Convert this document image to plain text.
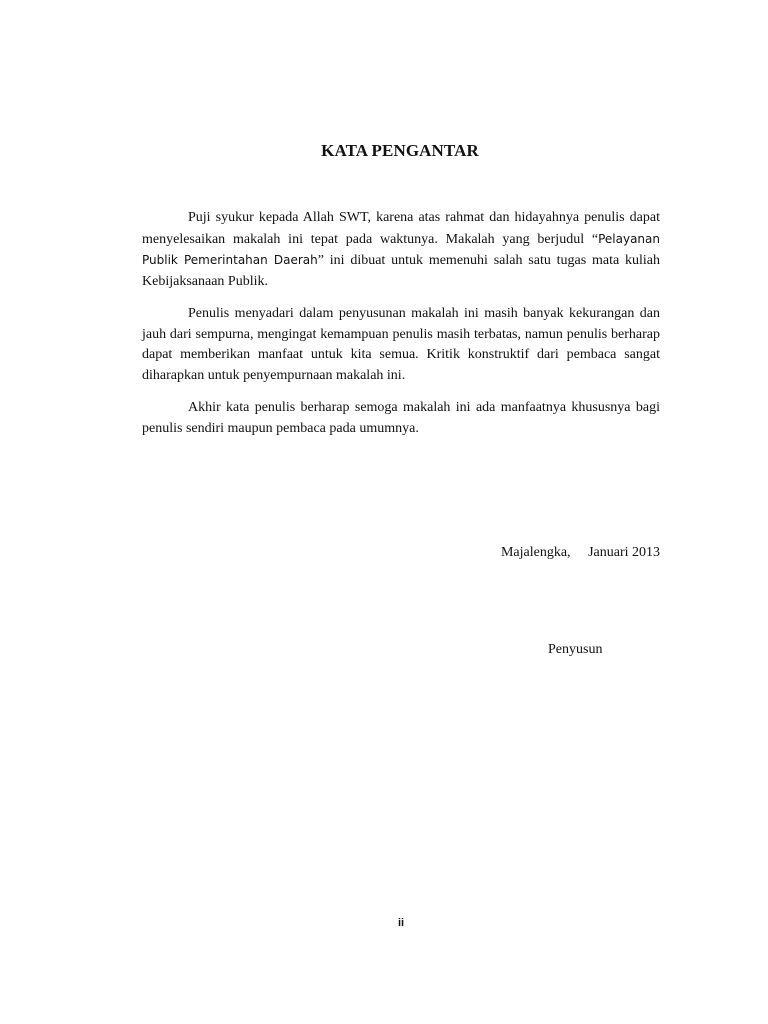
KATA PENGANTAR

Puji syukur kepada Allah SWT, karena atas rahmat dan hidayahnya penulis dapat menyelesaikan makalah ini tepat pada waktunya. Makalah yang berjudul “Pelayanan Publik Pemerintahan Daerah” ini dibuat untuk memenuhi salah satu tugas mata kuliah Kebijaksanaan Publik.

Penulis menyadari dalam penyusunan makalah ini masih banyak kekurangan dan jauh dari sempurna, mengingat kemampuan penulis masih terbatas, namun penulis berharap dapat memberikan manfaat untuk kita semua. Kritik konstruktif dari pembaca sangat diharapkan untuk penyempurnaan makalah ini.

Akhir kata penulis berharap semoga makalah ini ada manfaatnya khususnya bagi penulis sendiri maupun pembaca pada umumnya.

Majalengka, Januari 2013
Penyusun
ii
